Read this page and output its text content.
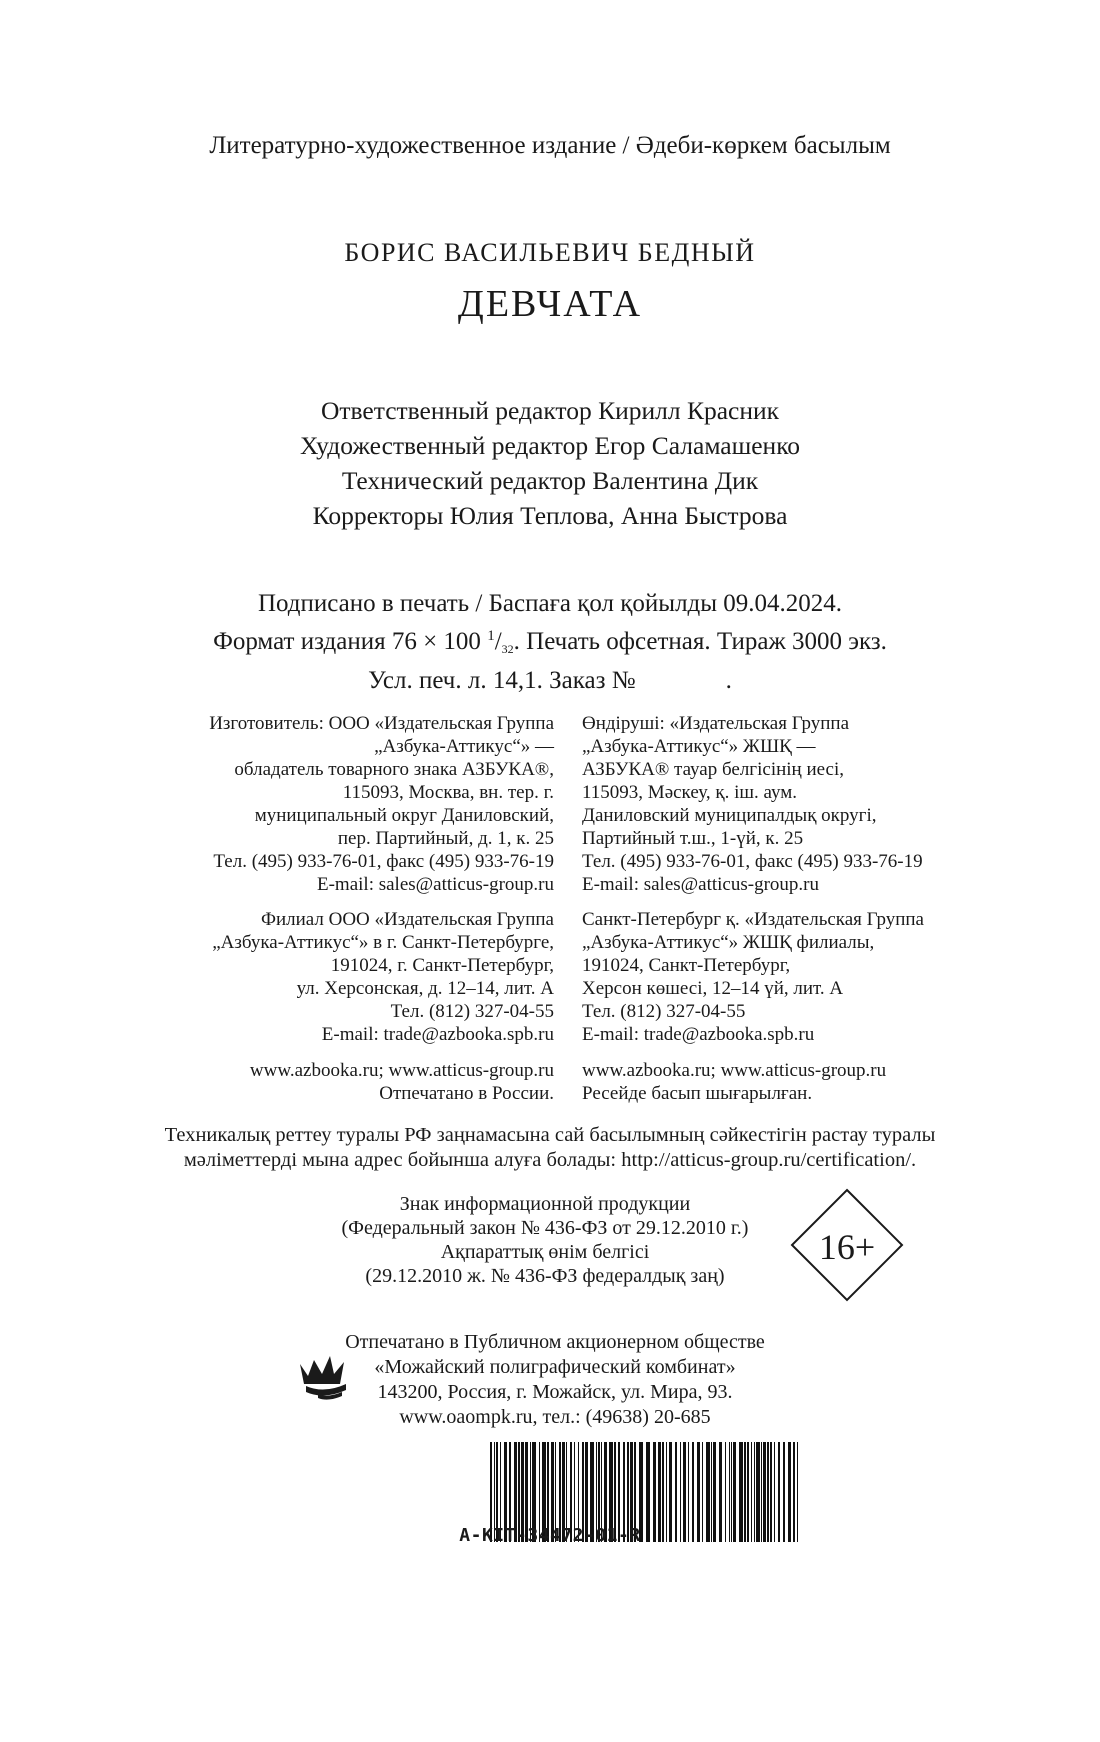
Литературно-художественное издание / Әдеби-көркем басылым
БОРИС ВАСИЛЬЕВИЧ БЕДНЫЙ
ДЕВЧАТА
Ответственный редактор Кирилл Красник
Художественный редактор Егор Саламашенко
Технический редактор Валентина Дик
Корректоры Юлия Теплова, Анна Быстрова
Подписано в печать / Баспаға қол қойылды 09.04.2024.
Формат издания 76 × 100 $^1/_{32}$. Печать офсетная. Тираж 3000 экз.
Усл. печ. л. 14,1. Заказ №	.
Изготовитель: ООО «Издательская Группа
„Азбука-Аттикус“» —
обладатель товарного знака АЗБУКА®,
115093, Москва, вн. тер. г.
муниципальный округ Даниловский,
пер. Партийный, д. 1, к. 25
Тел. (495) 933-76-01, факс (495) 933-76-19
E-mail: sales@atticus-group.ru
Филиал ООО «Издательская Группа
„Азбука-Аттикус“» в г. Санкт-Петербурге,
191024, г. Санкт-Петербург,
ул. Херсонская, д. 12–14, лит. А
Тел. (812) 327-04-55
E-mail: trade@azbooka.spb.ru
www.azbooka.ru; www.atticus-group.ru
Отпечатано в России.
Өндіруші: «Издательская Группа
„Азбука-Аттикус“» ЖШҚ —
АЗБУКА® тауар белгісінің иесі,
115093, Мәскеу, қ. іш. аум.
Даниловский муниципалдық округі,
Партийный т.ш., 1-үй, к. 25
Тел. (495) 933-76-01, факс (495) 933-76-19
E-mail: sales@atticus-group.ru
Санкт-Петербург қ. «Издательская Группа
„Азбука-Аттикус“» ЖШҚ филиалы,
191024, Санкт-Петербург,
Херсон көшесі, 12–14 үй, лит. А
Тел. (812) 327-04-55
E-mail: trade@azbooka.spb.ru
www.azbooka.ru; www.atticus-group.ru
Ресейде басып шығарылған.
Техникалық реттеу туралы РФ заңнамасына сай басылымның сәйкестігін растау туралы
мәліметтерді мына адрес бойынша алуға болады: http://atticus-group.ru/certification/.
Знак информационной продукции
(Федеральный закон № 436-ФЗ от 29.12.2010 г.)
Ақпараттық өнім белгісі
(29.12.2010 ж. № 436-ФЗ федералдық заң)
16+
Отпечатано в Публичном акционерном обществе
«Можайский полиграфический комбинат»
143200, Россия, г. Можайск, ул. Мира, 93.
www.oaompk.ru, тел.: (49638) 20-685
A-KIT-34472-01-R
